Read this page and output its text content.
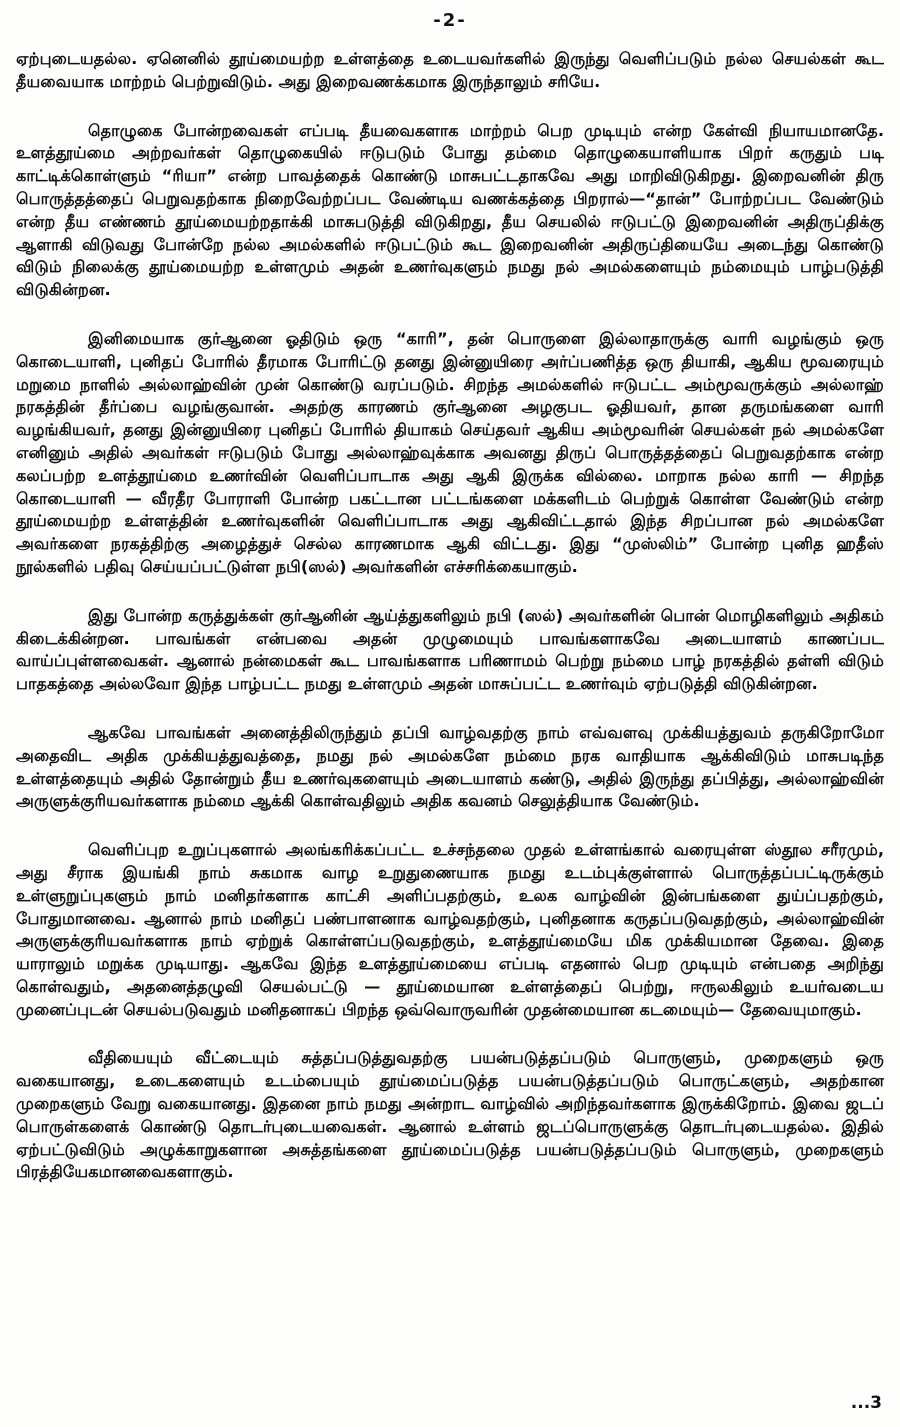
-2-

ஏற்புடையதல்ல. ஏனெனில் தூய்மையற்ற உள்ளத்தை உடையவர்களில் இருந்து வெளிப்படும் நல்ல செயல்கள் கூட தீயவையாக மாற்றம் பெற்றுவிடும். அது இறைவணக்கமாக இருந்தாலும் சரியே.

தொழுகை போன்றவைகள் எப்படி தீயவைகளாக மாற்றம் பெற முடியும் என்ற கேள்வி நியாயமானதே. உளத்தூய்மை அற்றவர்கள் தொழுகையில் ஈடுபடும் போது தம்மை தொழுகையாளியாக பிறர் கருதும் படி காட்டிக்கொள்ளும் “ரியா” என்ற பாவத்தைக் கொண்டு மாசுபட்டதாகவே அது மாறிவிடுகிறது. இறைவனின் திரு பொருத்தத்தைப் பெறுவதற்காக நிறைவேற்றப்பட வேண்டிய வணக்கத்தை பிறரால்—“தான்” போற்றப்பட வேண்டும் என்ற தீய எண்ணம் தூய்மையற்றதாக்கி மாசுபடுத்தி விடுகிறது, தீய செயலில் ஈடுபட்டு இறைவனின் அதிருப்திக்கு ஆளாகி விடுவது போன்றே நல்ல அமல்களில் ஈடுபட்டும் கூட இறைவனின் அதிருப்தியையே அடைந்து கொண்டு விடும் நிலைக்கு தூய்மையற்ற உள்ளமும் அதன் உணர்வுகளும் நமது நல் அமல்களையும் நம்மையும் பாழ்படுத்தி விடுகின்றன.

இனிமையாக குர்ஆனை ஓதிடும் ஒரு “காரி”, தன் பொருளை இல்லாதாருக்கு வாரி வழங்கும் ஒரு கொடையாளி, புனிதப் போரில் தீரமாக போரிட்டு தனது இன்னுயிரை அர்ப்பணித்த ஒரு தியாகி, ஆகிய மூவரையும் மறுமை நாளில் அல்லாஹ்வின் முன் கொண்டு வரப்படும். சிறந்த அமல்களில் ஈடுபட்ட அம்மூவருக்கும் அல்லாஹ் நரகத்தின் தீர்ப்பை வழங்குவான். அதற்கு காரணம் குர்ஆனை அழகுபட ஓதியவர், தான தருமங்களை வாரி வழங்கியவர், தனது இன்னுயிரை புனிதப் போரில் தியாகம் செய்தவர் ஆகிய அம்மூவரின் செயல்கள் நல் அமல்களே எனினும் அதில் அவர்கள் ஈடுபடும் போது அல்லாஹ்வுக்காக அவனது திருப் பொருத்தத்தைப் பெறுவதற்காக என்ற கலப்பற்ற உளத்தூய்மை உணர்வின் வெளிப்பாடாக அது ஆகி இருக்க வில்லை. மாறாக நல்ல காரி — சிறந்த கொடையாளி — வீரதீர போராளி போன்ற பகட்டான பட்டங்களை மக்களிடம் பெற்றுக் கொள்ள வேண்டும் என்ற தூய்மையற்ற உள்ளத்தின் உணர்வுகளின் வெளிப்பாடாக அது ஆகிவிட்டதால் இந்த சிறப்பான நல் அமல்களே அவர்களை நரகத்திற்கு அழைத்துச் செல்ல காரணமாக ஆகி விட்டது. இது “முஸ்லிம்” போன்ற புனித ஹதீஸ் நூல்களில் பதிவு செய்யப்பட்டுள்ள நபி(ஸல்) அவர்களின் எச்சரிக்கையாகும்.

இது போன்ற கருத்துக்கள் குர்ஆனின் ஆய்த்துகளிலும் நபி (ஸல்) அவர்களின் பொன் மொழிகளிலும் அதிகம் கிடைக்கின்றன. பாவங்கள் என்பவை அதன் முழுமையும் பாவங்களாகவே அடையாளம் காணப்பட வாய்ப்புள்ளவைகள். ஆனால் நன்மைகள் கூட பாவங்களாக பரிணாமம் பெற்று நம்மை பாழ் நரகத்தில் தள்ளி விடும் பாதகத்தை அல்லவோ இந்த பாழ்பட்ட நமது உள்ளமும் அதன் மாசுப்பட்ட உணர்வும் ஏற்படுத்தி விடுகின்றன.

ஆகவே பாவங்கள் அனைத்திலிருந்தும் தப்பி வாழ்வதற்கு நாம் எவ்வளவு முக்கியத்துவம் தருகிறோமோ அதைவிட அதிக முக்கியத்துவத்தை, நமது நல் அமல்களே நம்மை நரக வாதியாக ஆக்கிவிடும் மாசுபடிந்த உள்ளத்தையும் அதில் தோன்றும் தீய உணர்வுகளையும் அடையாளம் கண்டு, அதில் இருந்து தப்பித்து, அல்லாஹ்வின் அருளுக்குரியவர்களாக நம்மை ஆக்கி கொள்வதிலும் அதிக கவனம் செலுத்தியாக வேண்டும்.

வெளிப்புற உறுப்புகளால் அலங்கரிக்கப்பட்ட உச்சந்தலை முதல் உள்ளங்கால் வரையுள்ள ஸ்தூல சரீரமும், அது சீராக இயங்கி நாம் சுகமாக வாழ உறுதுணையாக நமது உடம்புக்குள்ளால் பொருத்தப்பட்டிருக்கும் உள்ளுறுப்புகளும் நாம் மனிதர்களாக காட்சி அளிப்பதற்கும், உலக வாழ்வின் இன்பங்களை துய்ப்பதற்கும், போதுமானவை. ஆனால் நாம் மனிதப் பண்பாளனாக வாழ்வதற்கும், புனிதனாக கருதப்படுவதற்கும், அல்லாஹ்வின் அருளுக்குரியவர்களாக நாம் ஏற்றுக் கொள்ளப்படுவதற்கும், உளத்தூய்மையே மிக முக்கியமான தேவை. இதை யாராலும் மறுக்க முடியாது. ஆகவே இந்த உளத்தூய்மையை எப்படி எதனால் பெற முடியும் என்பதை அறிந்து கொள்வதும், அதனைத்தழுவி செயல்பட்டு — தூய்மையான உள்ளத்தைப் பெற்று, ஈருலகிலும் உயர்வடைய முனைப்புடன் செயல்படுவதும் மனிதனாகப் பிறந்த ஒவ்வொருவரின் முதன்மையான கடமையும்— தேவையுமாகும்.

வீதியையும் வீட்டையும் சுத்தப்படுத்துவதற்கு பயன்படுத்தப்படும் பொருளும், முறைகளும் ஒரு வகையானது, உடைகளையும் உடம்பையும் தூய்மைப்படுத்த பயன்படுத்தப்படும் பொருட்களும், அதற்கான முறைகளும் வேறு வகையானது. இதனை நாம் நமது அன்றாட வாழ்வில் அறிந்தவர்களாக இருக்கிறோம். இவை ஜடப் பொருள்களைக் கொண்டு தொடர்புடையவைகள். ஆனால் உள்ளம் ஜடப்பொருளுக்கு தொடர்புடையதல்ல. இதில் ஏற்பட்டுவிடும் அழுக்காறுகளான அசுத்தங்களை தூய்மைப்படுத்த பயன்படுத்தப்படும் பொருளும், முறைகளும் பிரத்தியேகமானவைகளாகும்.

...3
